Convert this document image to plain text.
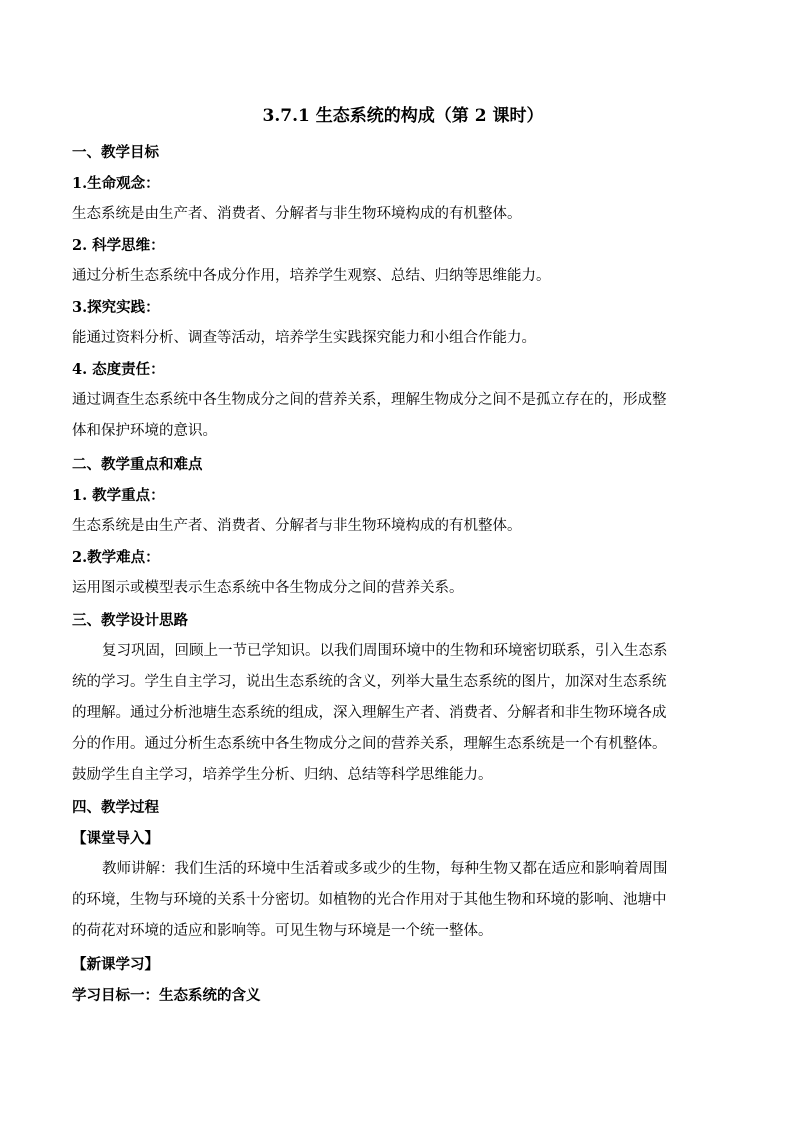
3.7.1 生态系统的构成（第 2 课时）
一、教学目标
1.生命观念：
生态系统是由生产者、消费者、分解者与非生物环境构成的有机整体。
2. 科学思维：
通过分析生态系统中各成分作用，培养学生观察、总结、归纳等思维能力。
3.探究实践：
能通过资料分析、调查等活动，培养学生实践探究能力和小组合作能力。
4. 态度责任：
通过调查生态系统中各生物成分之间的营养关系，理解生物成分之间不是孤立存在的，形成整
体和保护环境的意识。
二、教学重点和难点
1. 教学重点：
生态系统是由生产者、消费者、分解者与非生物环境构成的有机整体。
2.教学难点：
运用图示或模型表示生态系统中各生物成分之间的营养关系。
三、教学设计思路
复习巩固，回顾上一节已学知识。以我们周围环境中的生物和环境密切联系，引入生态系
统的学习。学生自主学习，说出生态系统的含义，列举大量生态系统的图片，加深对生态系统
的理解。通过分析池塘生态系统的组成，深入理解生产者、消费者、分解者和非生物环境各成
分的作用。通过分析生态系统中各生物成分之间的营养关系，理解生态系统是一个有机整体。
鼓励学生自主学习，培养学生分析、归纳、总结等科学思维能力。
四、教学过程
【课堂导入】
教师讲解：我们生活的环境中生活着或多或少的生物，每种生物又都在适应和影响着周围
的环境，生物与环境的关系十分密切。如植物的光合作用对于其他生物和环境的影响、池塘中
的荷花对环境的适应和影响等。可见生物与环境是一个统一整体。
【新课学习】
学习目标一：生态系统的含义
